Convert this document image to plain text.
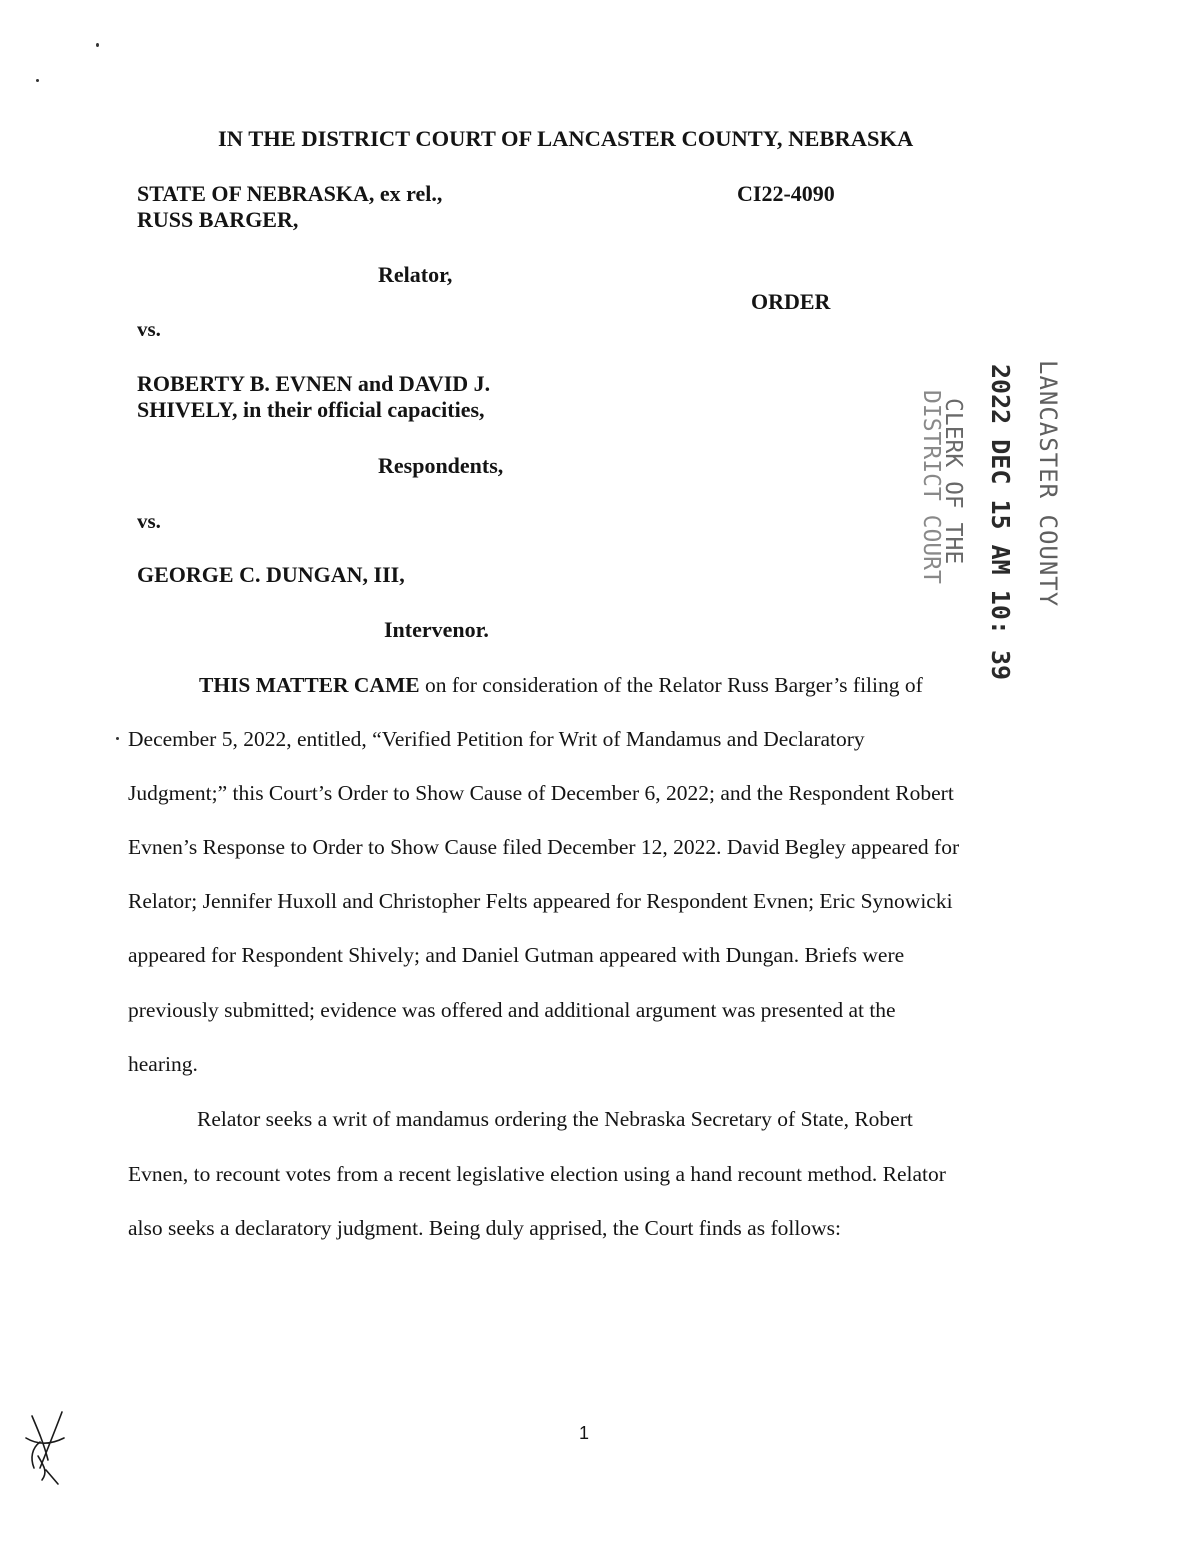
IN THE DISTRICT COURT OF LANCASTER COUNTY, NEBRASKA
STATE OF NEBRASKA, ex rel.,
RUSS BARGER,
CI22-4090
Relator,
ORDER
vs.
ROBERTY B. EVNEN and DAVID J.
SHIVELY, in their official capacities,
Respondents,
vs.
GEORGE C. DUNGAN, III,
Intervenor.
LANCASTER COUNTY
2022 DEC 15 AM 10: 39
CLERK OF THE
DISTRICT COURT
THIS MATTER CAME on for consideration of the Relator Russ Barger’s filing of
December 5, 2022, entitled, “Verified Petition for Writ of Mandamus and Declaratory
Judgment;” this Court’s Order to Show Cause of December 6, 2022; and the Respondent Robert
Evnen’s Response to Order to Show Cause filed December 12, 2022. David Begley appeared for
Relator; Jennifer Huxoll and Christopher Felts appeared for Respondent Evnen; Eric Synowicki
appeared for Respondent Shively; and Daniel Gutman appeared with Dungan. Briefs were
previously submitted; evidence was offered and additional argument was presented at the
hearing.
Relator seeks a writ of mandamus ordering the Nebraska Secretary of State, Robert
Evnen, to recount votes from a recent legislative election using a hand recount method. Relator
also seeks a declaratory judgment. Being duly apprised, the Court finds as follows:
1
